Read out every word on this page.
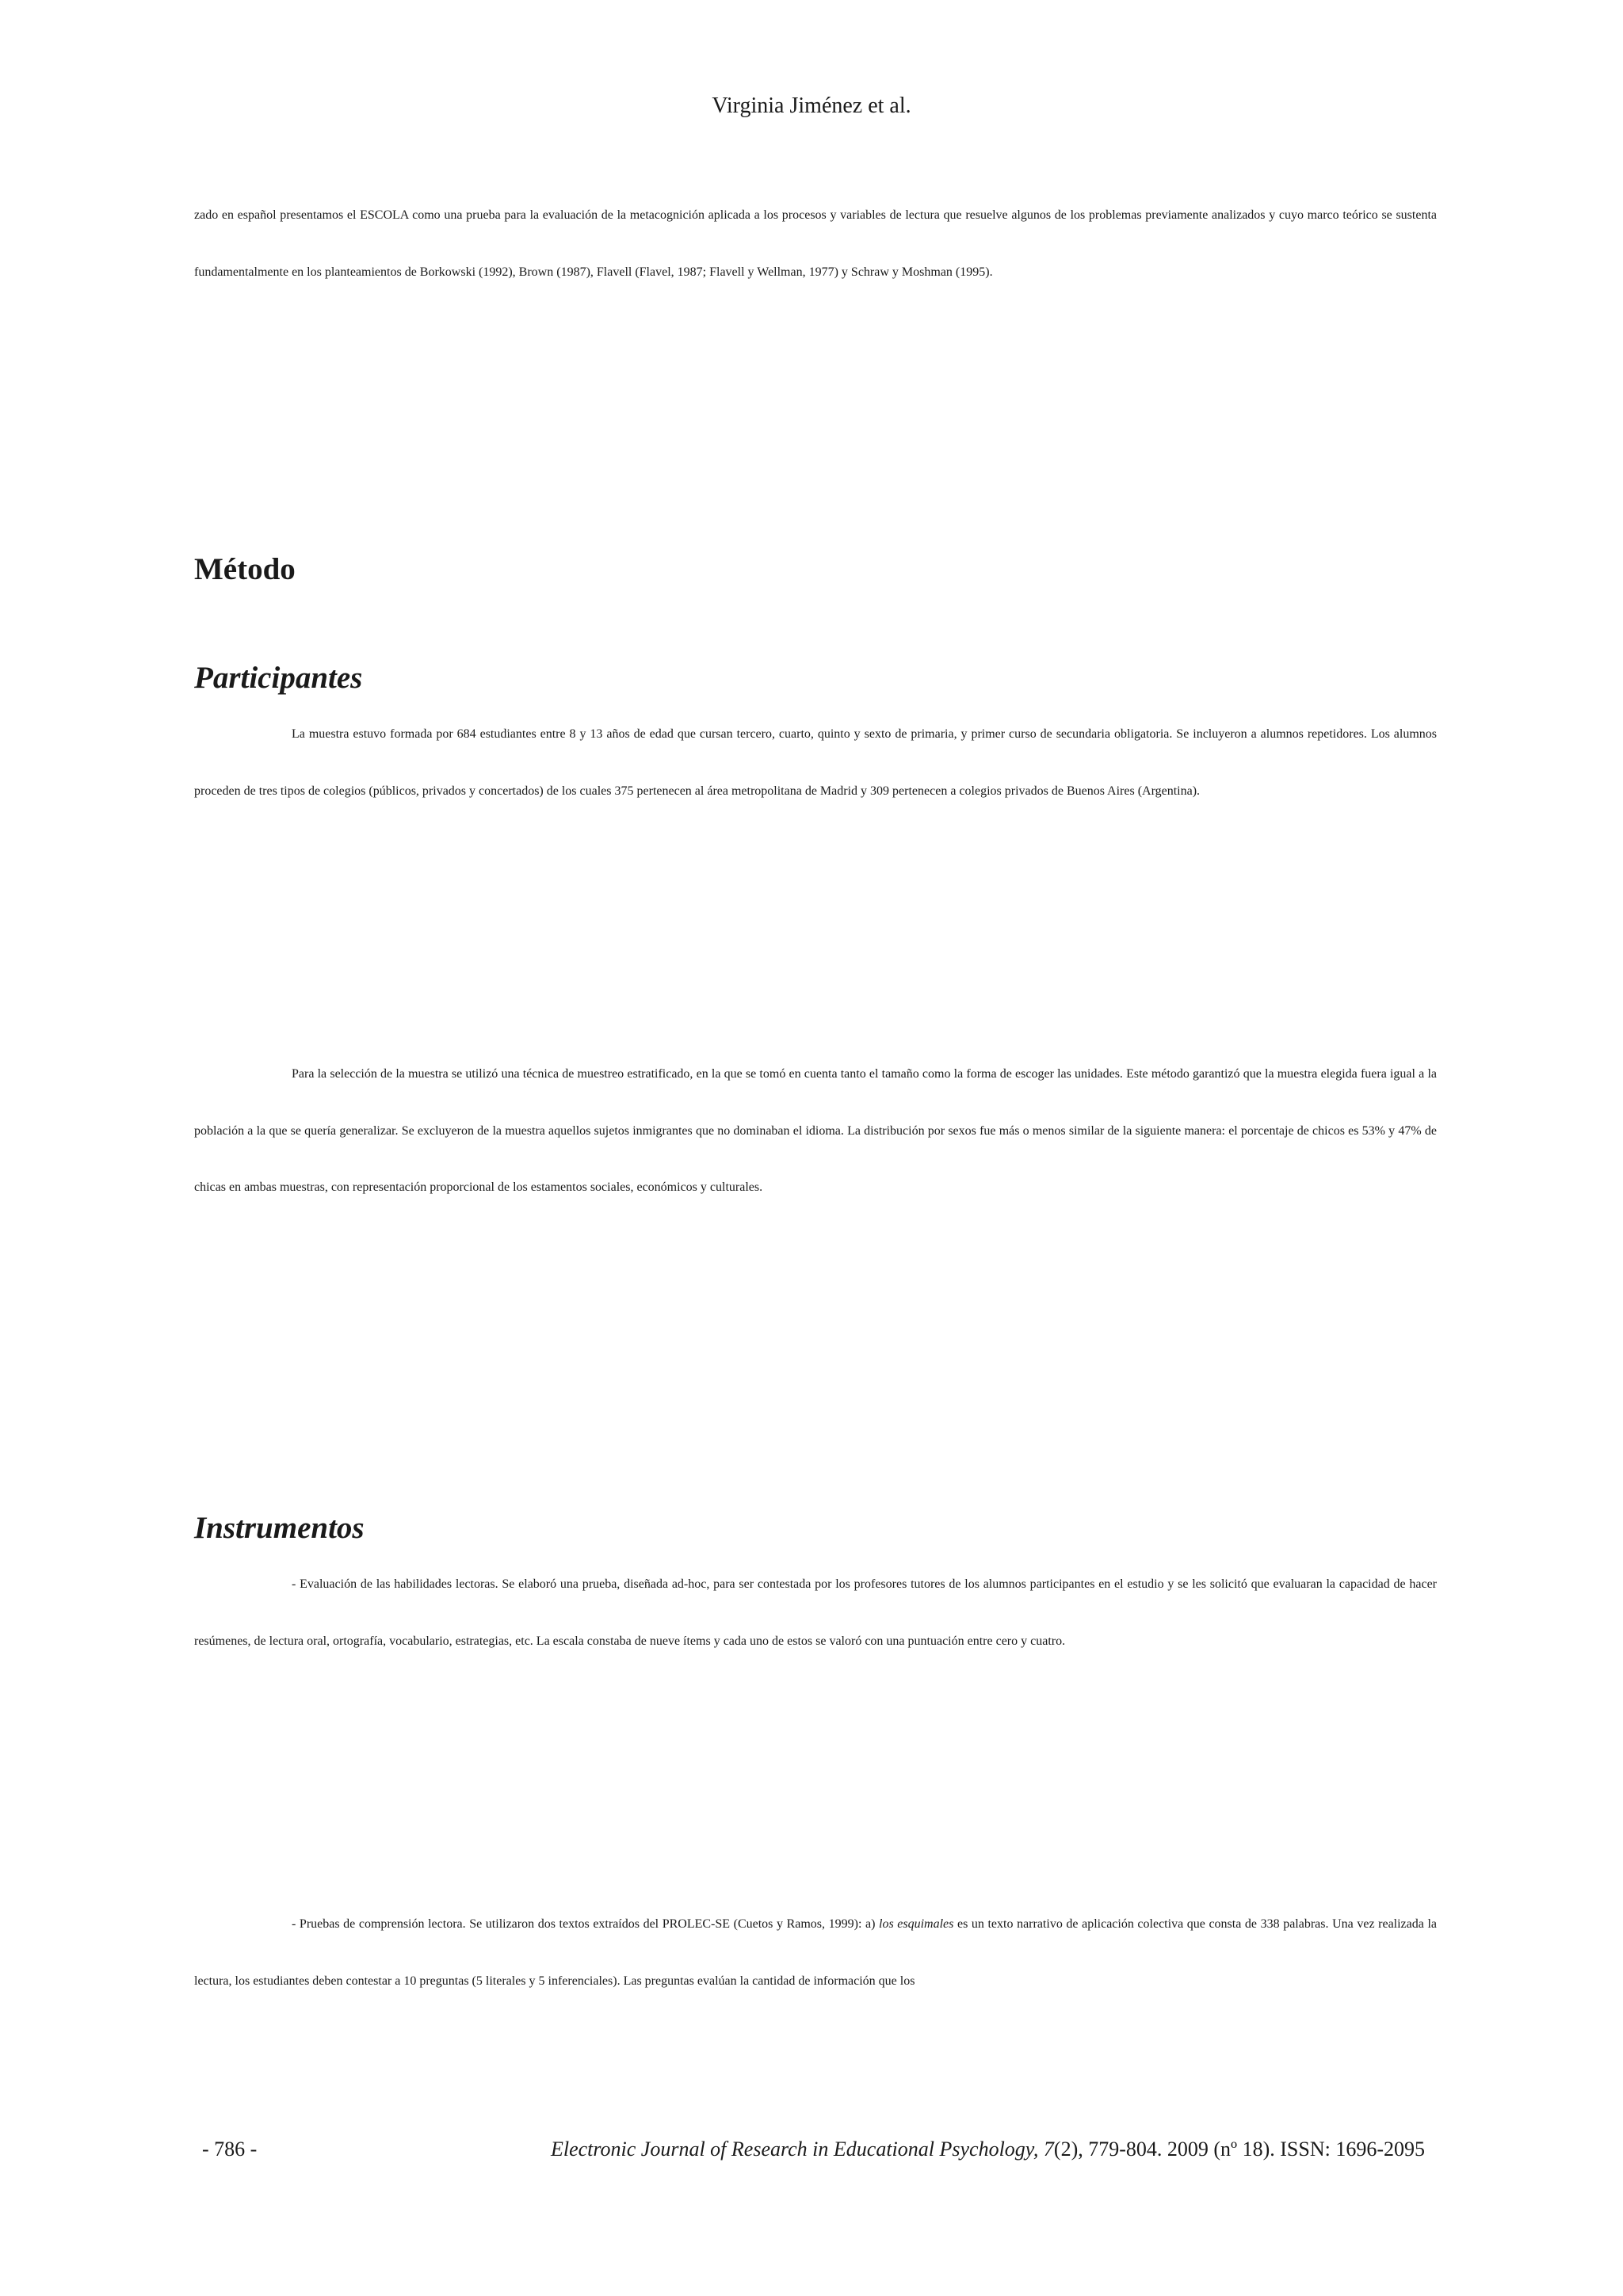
Virginia Jiménez et al.

zado en español presentamos el ESCOLA como una prueba para la evaluación de la metacognición aplicada a los procesos y variables de lectura que resuelve algunos de los problemas previamente analizados y cuyo marco teórico se sustenta fundamentalmente en los planteamientos de Borkowski (1992), Brown (1987), Flavell (Flavel, 1987; Flavell y Wellman, 1977) y Schraw y Moshman (1995).

Método
Participantes

La muestra estuvo formada por 684 estudiantes entre 8 y 13 años de edad que cursan tercero, cuarto, quinto y sexto de primaria, y primer curso de secundaria obligatoria. Se incluyeron a alumnos repetidores. Los alumnos proceden de tres tipos de colegios (públicos, privados y concertados) de los cuales 375 pertenecen al área metropolitana de Madrid y 309 pertenecen a colegios privados de Buenos Aires (Argentina).

Para la selección de la muestra se utilizó una técnica de muestreo estratificado, en la que se tomó en cuenta tanto el tamaño como la forma de escoger las unidades. Este método garantizó que la muestra elegida fuera igual a la población a la que se quería generalizar. Se excluyeron de la muestra aquellos sujetos inmigrantes que no dominaban el idioma. La distribución por sexos fue más o menos similar de la siguiente manera: el porcentaje de chicos es 53% y 47% de chicas en ambas muestras, con representación proporcional de los estamentos sociales, económicos y culturales.

Instrumentos

- Evaluación de las habilidades lectoras. Se elaboró una prueba, diseñada ad-hoc, para ser contestada por los profesores tutores de los alumnos participantes en el estudio y se les solicitó que evaluaran la capacidad de hacer resúmenes, de lectura oral, ortografía, vocabulario, estrategias, etc. La escala constaba de nueve ítems y cada uno de estos se valoró con una puntuación entre cero y cuatro.

- Pruebas de comprensión lectora. Se utilizaron dos textos extraídos del PROLEC-SE (Cuetos y Ramos, 1999): a) los esquimales es un texto narrativo de aplicación colectiva que consta de 338 palabras. Una vez realizada la lectura, los estudiantes deben contestar a 10 preguntas (5 literales y 5 inferenciales). Las preguntas evalúan la cantidad de información que los

- 786 -	Electronic Journal of Research in Educational Psychology, 7(2), 779-804. 2009 (nº 18). ISSN: 1696-2095
